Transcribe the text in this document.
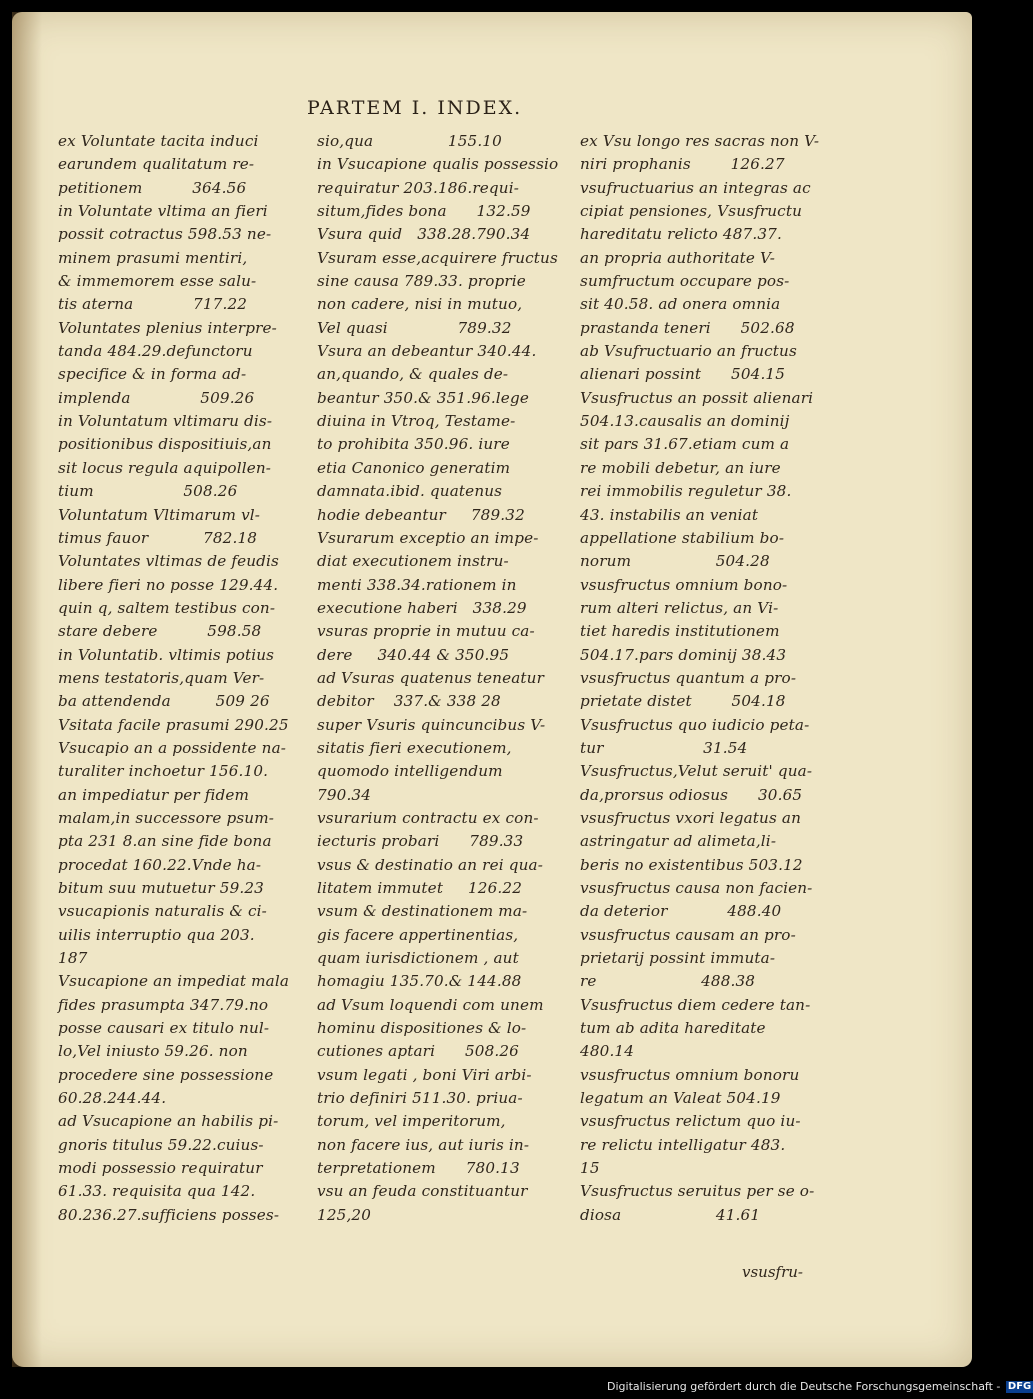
PARTEM I. INDEX.
ex Voluntate tacita induci
earundem qualitatum re-
petitionem          364.56
in Voluntate vltima an fieri
possit cotractus 598.53 ne-
minem prasumi mentiri,
& immemorem esse salu-
tis aterna            717.22
Voluntates plenius interpre-
tanda 484.29.defunctoru
specifice & in forma ad-
implenda              509.26
in Voluntatum vltimaru dis-
positionibus dispositiuis,an
sit locus regula aquipollen-
tium                  508.26
Voluntatum Vltimarum vl-
timus fauor           782.18
Voluntates vltimas de feudis
libere fieri no posse 129.44.
quin q, saltem testibus con-
stare debere          598.58
in Voluntatib. vltimis potius
mens testatoris,quam Ver-
ba attendenda         509 26
Vsitata facile prasumi 290.25
Vsucapio an a possidente na-
turaliter inchoetur 156.10.
an impediatur per fidem
malam,in successore psum-
pta 231 8.an sine fide bona
procedat 160.22.Vnde ha-
bitum suu mutuetur 59.23
vsucapionis naturalis & ci-
uilis interruptio qua 203.
187
Vsucapione an impediat mala
fides prasumpta 347.79.no
posse causari ex titulo nul-
lo,Vel iniusto 59.26. non
procedere sine possessione
60.28.244.44.
ad Vsucapione an habilis pi-
gnoris titulus 59.22.cuius-
modi possessio requiratur
61.33. requisita qua 142.
80.236.27.sufficiens posses-
sio,qua               155.10
in Vsucapione qualis possessio
requiratur 203.186.requi-
situm,fides bona      132.59
Vsura quid   338.28.790.34
Vsuram esse,acquirere fructus
sine causa 789.33. proprie
non cadere, nisi in mutuo,
Vel quasi              789.32
Vsura an debeantur 340.44.
an,quando, & quales de-
beantur 350.& 351.96.lege
diuina in Vtroq, Testame-
to prohibita 350.96. iure
etia Canonico generatim
damnata.ibid. quatenus
hodie debeantur     789.32
Vsurarum exceptio an impe-
diat executionem instru-
menti 338.34.rationem in
executione haberi   338.29
vsuras proprie in mutuu ca-
dere     340.44 & 350.95
ad Vsuras quatenus teneatur
debitor    337.& 338 28
super Vsuris quincuncibus V-
sitatis fieri executionem,
quomodo intelligendum
790.34
vsurarium contractu ex con-
iecturis probari      789.33
vsus & destinatio an rei qua-
litatem immutet     126.22
vsum & destinationem ma-
gis facere appertinentias,
quam iurisdictionem , aut
homagiu 135.70.& 144.88
ad Vsum loquendi com unem
hominu dispositiones & lo-
cutiones aptari      508.26
vsum legati , boni Viri arbi-
trio definiri 511.30. priua-
torum, vel imperitorum,
non facere ius, aut iuris in-
terpretationem      780.13
vsu an feuda constituantur
125,20
ex Vsu longo res sacras non V-
niri prophanis        126.27
vsufructuarius an integras ac
cipiat pensiones, Vsusfructu
hareditatu relicto 487.37.
an propria authoritate V-
sumfructum occupare pos-
sit 40.58. ad onera omnia
prastanda teneri      502.68
ab Vsufructuario an fructus
alienari possint      504.15
Vsusfructus an possit alienari
504.13.causalis an dominij
sit pars 31.67.etiam cum a
re mobili debetur, an iure
rei immobilis reguletur 38.
43. instabilis an veniat
appellatione stabilium bo-
norum                 504.28
vsusfructus omnium bono-
rum alteri relictus, an Vi-
tiet haredis institutionem
504.17.pars dominij 38.43
vsusfructus quantum a pro-
prietate distet        504.18
Vsusfructus quo iudicio peta-
tur                    31.54
Vsusfructus,Velut seruit' qua-
da,prorsus odiosus      30.65
vsusfructus vxori legatus an
astringatur ad alimeta,li-
beris no existentibus 503.12
vsusfructus causa non facien-
da deterior            488.40
vsusfructus causam an pro-
prietarij possint immuta-
re                     488.38
Vsusfructus diem cedere tan-
tum ab adita hareditate
480.14
vsusfructus omnium bonoru
legatum an Valeat 504.19
vsusfructus relictum quo iu-
re relictu intelligatur 483.
15
Vsusfructus seruitus per se o-
diosa                   41.61
vsusfru-
Digitalisierung gefördert durch die Deutsche Forschungsgemeinschaft - DFG
